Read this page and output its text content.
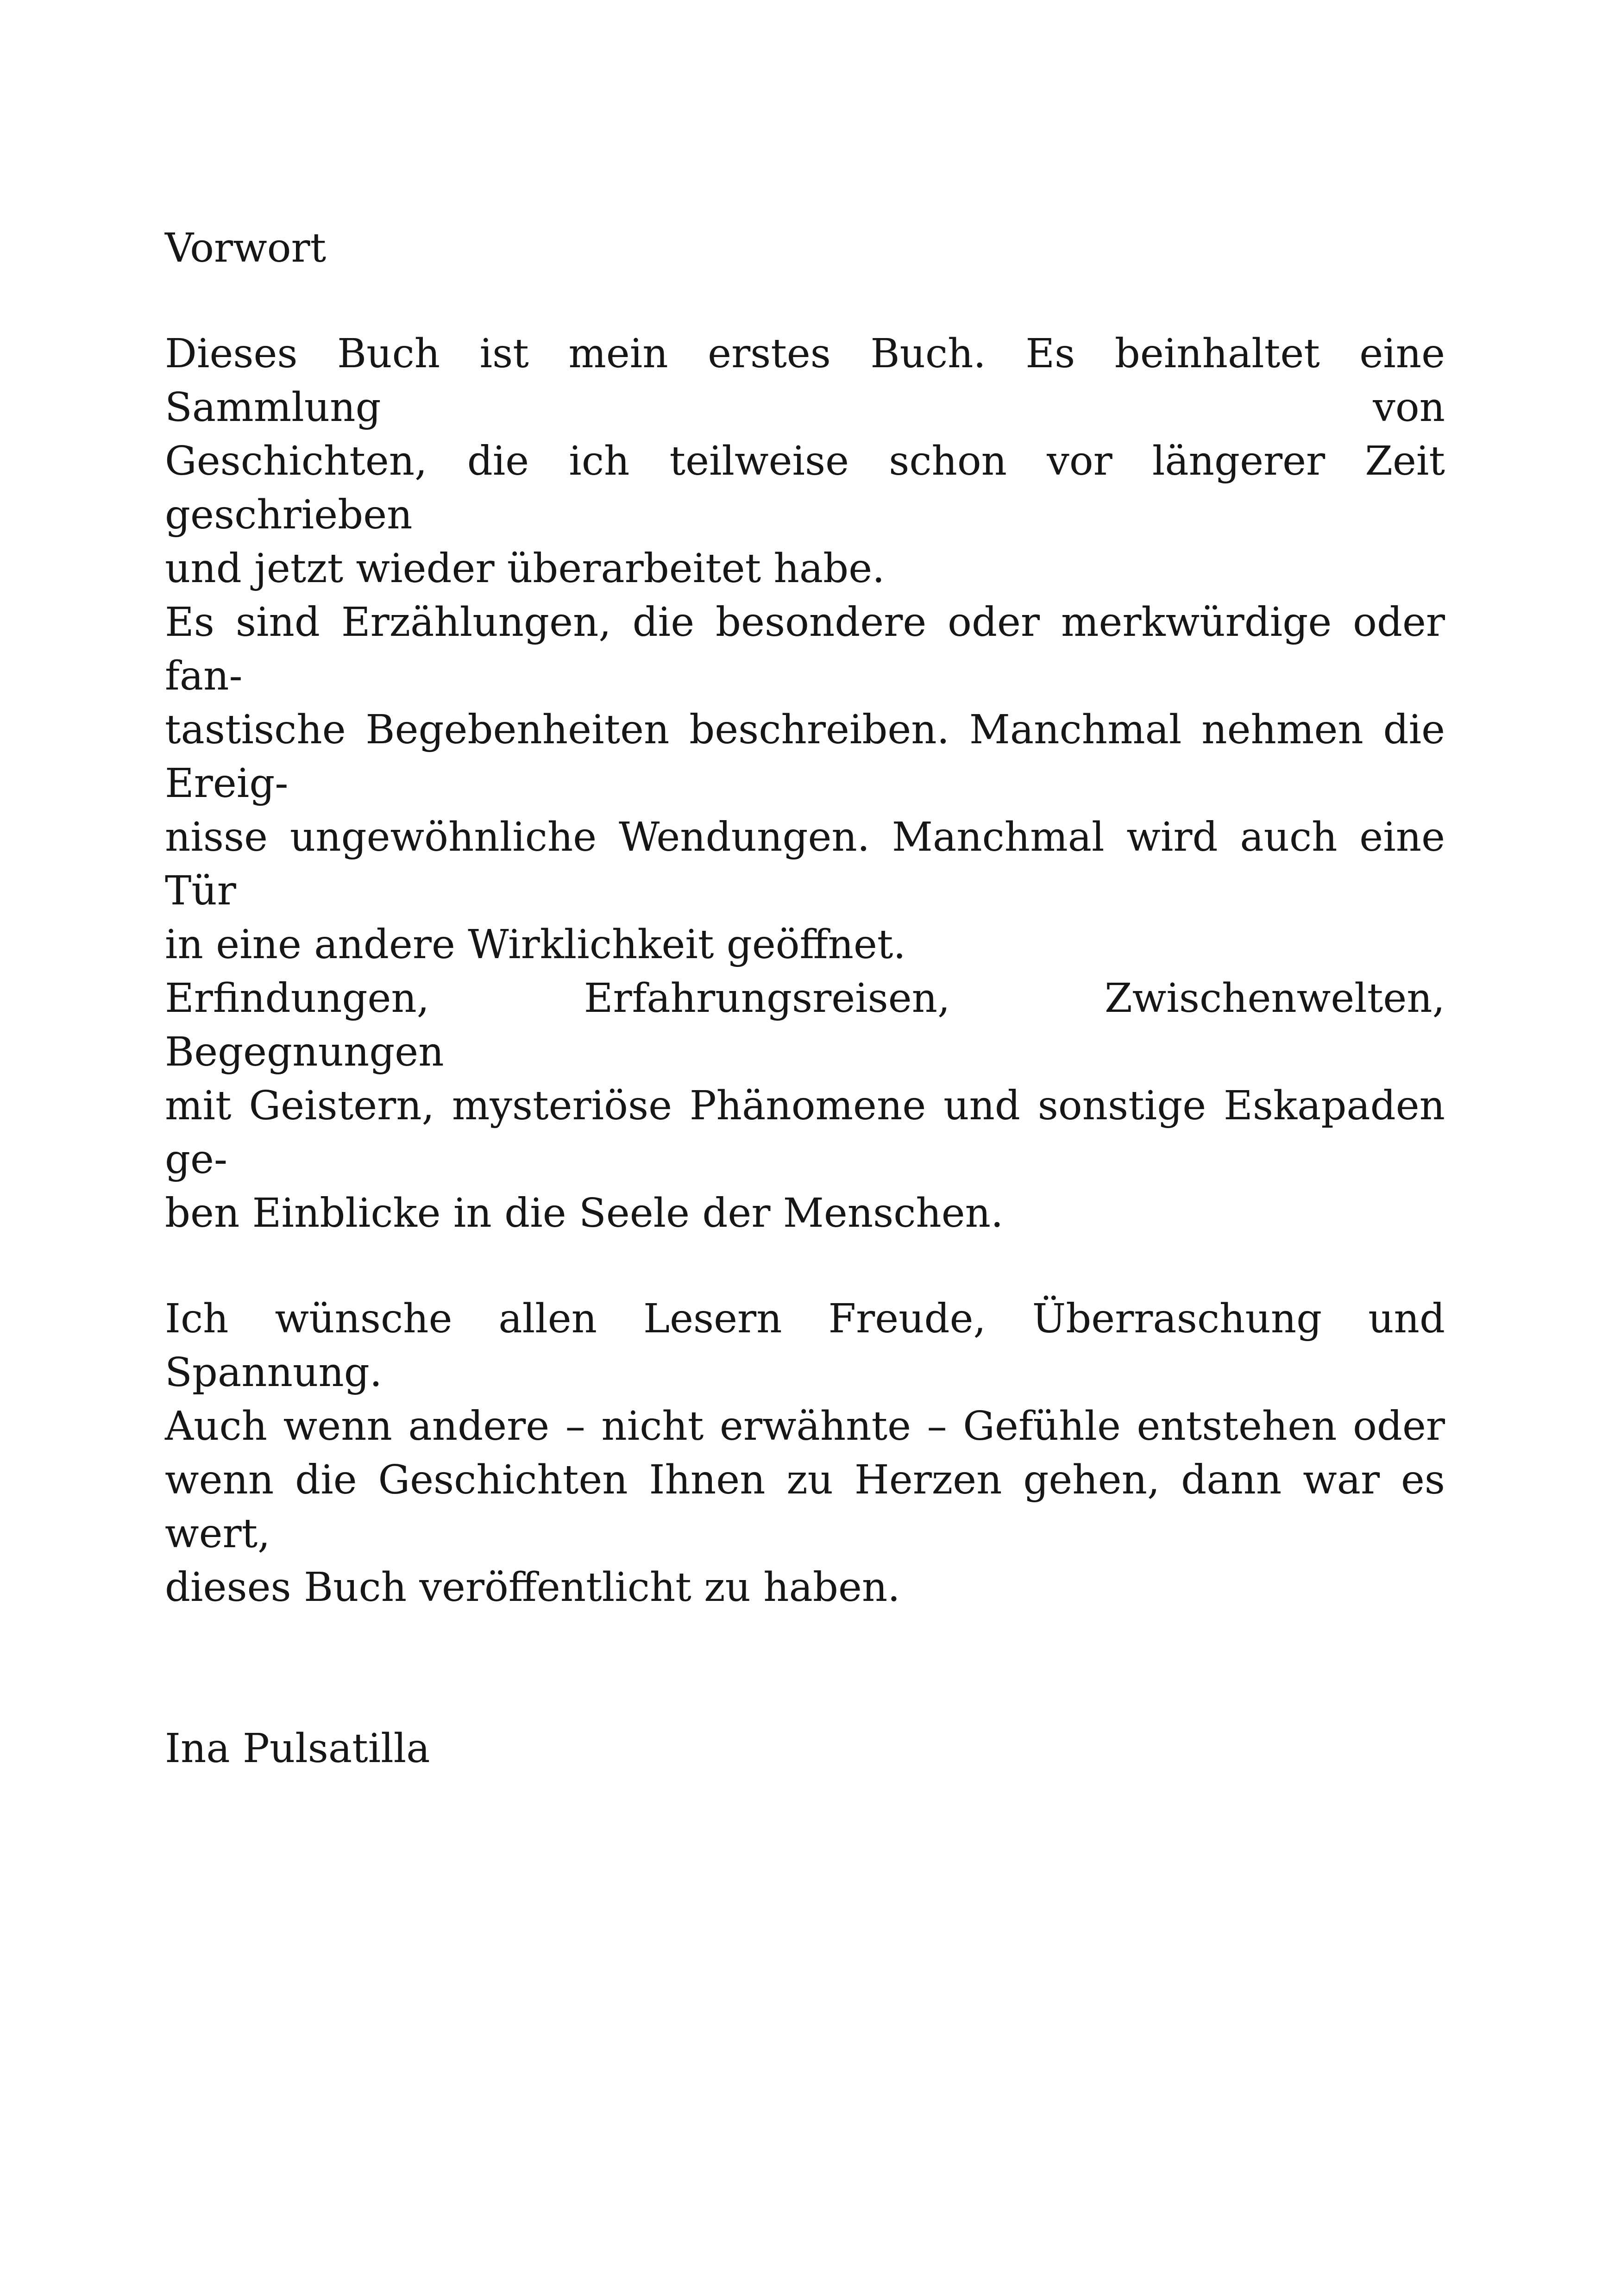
Vorwort
Dieses Buch ist mein erstes Buch. Es beinhaltet eine Sammlung von
Geschichten, die ich teilweise schon vor längerer Zeit geschrieben
und jetzt wieder überarbeitet habe.
Es sind Erzählungen, die besondere oder merkwürdige oder fan-
tastische Begebenheiten beschreiben. Manchmal nehmen die Ereig-
nisse ungewöhnliche Wendungen. Manchmal wird auch eine Tür
in eine andere Wirklichkeit geöffnet.
Erfindungen, Erfahrungsreisen, Zwischenwelten, Begegnungen
mit Geistern, mysteriöse Phänomene und sonstige Eskapaden ge-
ben Einblicke in die Seele der Menschen.
Ich wünsche allen Lesern Freude, Überraschung und Spannung.
Auch wenn andere – nicht erwähnte – Gefühle entstehen oder
wenn die Geschichten Ihnen zu Herzen gehen, dann war es wert,
dieses Buch veröffentlicht zu haben.
Ina Pulsatilla
